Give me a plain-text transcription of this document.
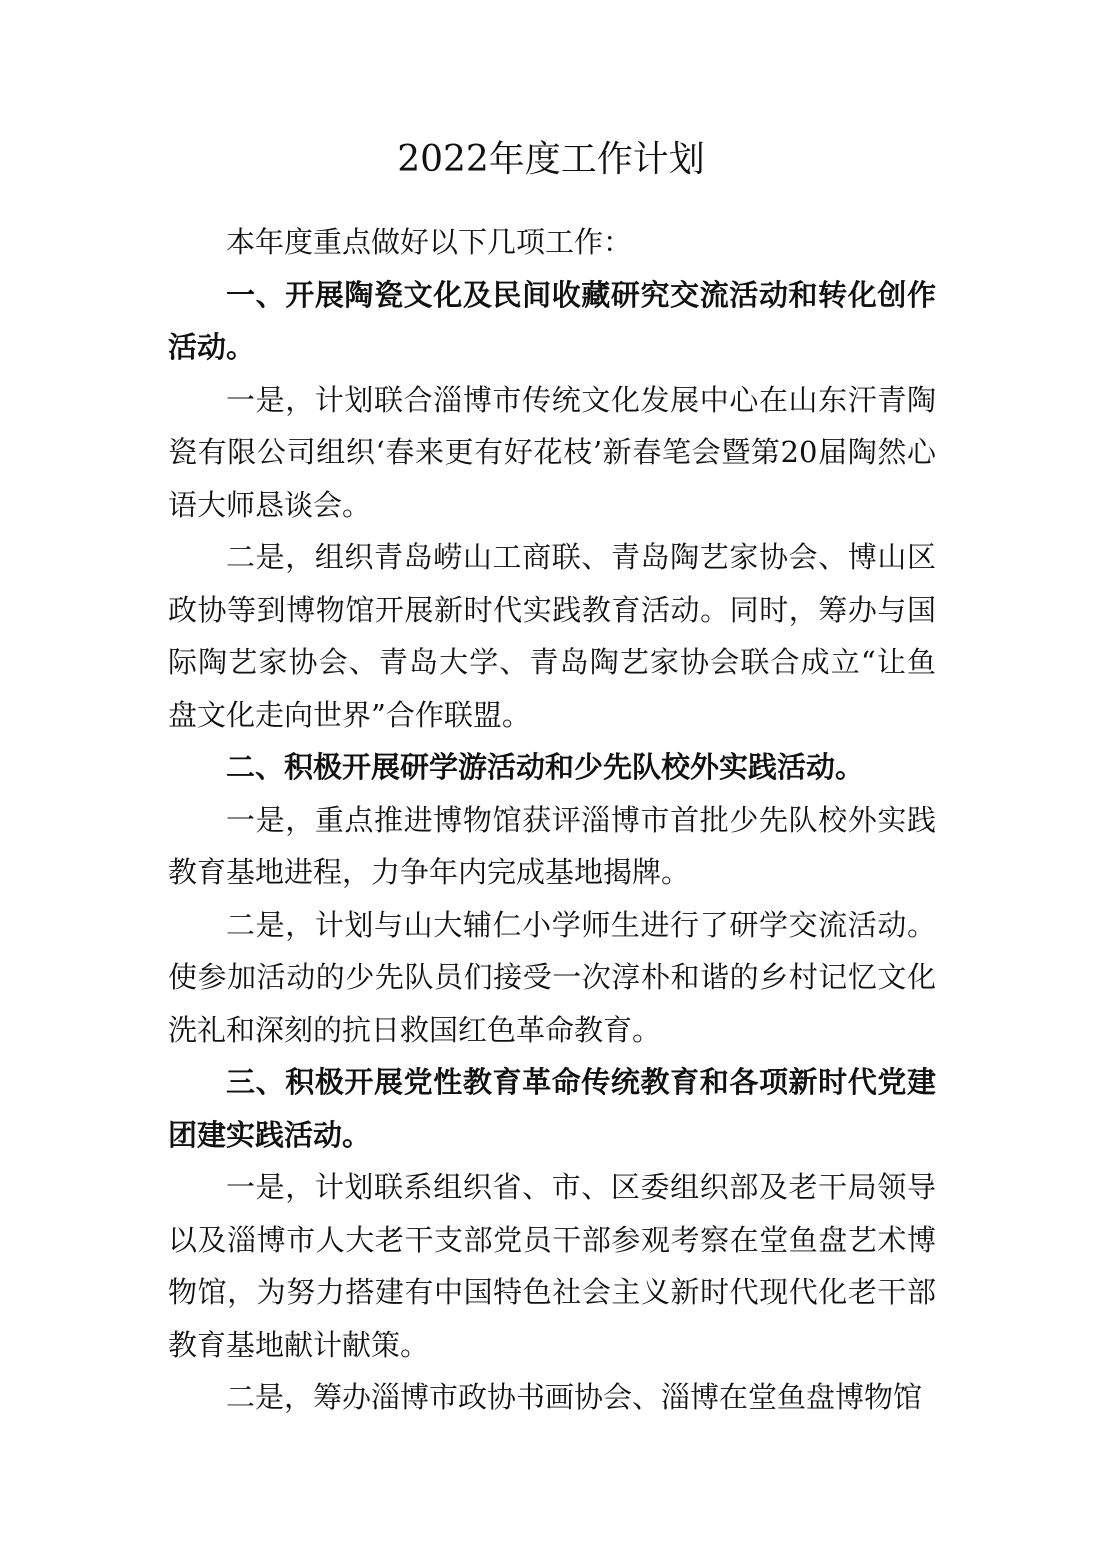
2022年度工作计划

本年度重点做好以下几项工作：

一、开展陶瓷文化及民间收藏研究交流活动和转化创作活动。

一是，计划联合淄博市传统文化发展中心在山东汗青陶瓷有限公司组织‘春来更有好花枝’新春笔会暨第20届陶然心语大师恳谈会。

二是，组织青岛崂山工商联、青岛陶艺家协会、博山区政协等到博物馆开展新时代实践教育活动。同时，筹办与国际陶艺家协会、青岛大学、青岛陶艺家协会联合成立“让鱼盘文化走向世界”合作联盟。

二、积极开展研学游活动和少先队校外实践活动。

一是，重点推进博物馆获评淄博市首批少先队校外实践教育基地进程，力争年内完成基地揭牌。

二是，计划与山大辅仁小学师生进行了研学交流活动。使参加活动的少先队员们接受一次淳朴和谐的乡村记忆文化洗礼和深刻的抗日救国红色革命教育。

三、积极开展党性教育革命传统教育和各项新时代党建团建实践活动。

一是，计划联系组织省、市、区委组织部及老干局领导以及淄博市人大老干支部党员干部参观考察在堂鱼盘艺术博物馆，为努力搭建有中国特色社会主义新时代现代化老干部教育基地献计献策。

二是，筹办淄博市政协书画协会、淄博在堂鱼盘博物馆
